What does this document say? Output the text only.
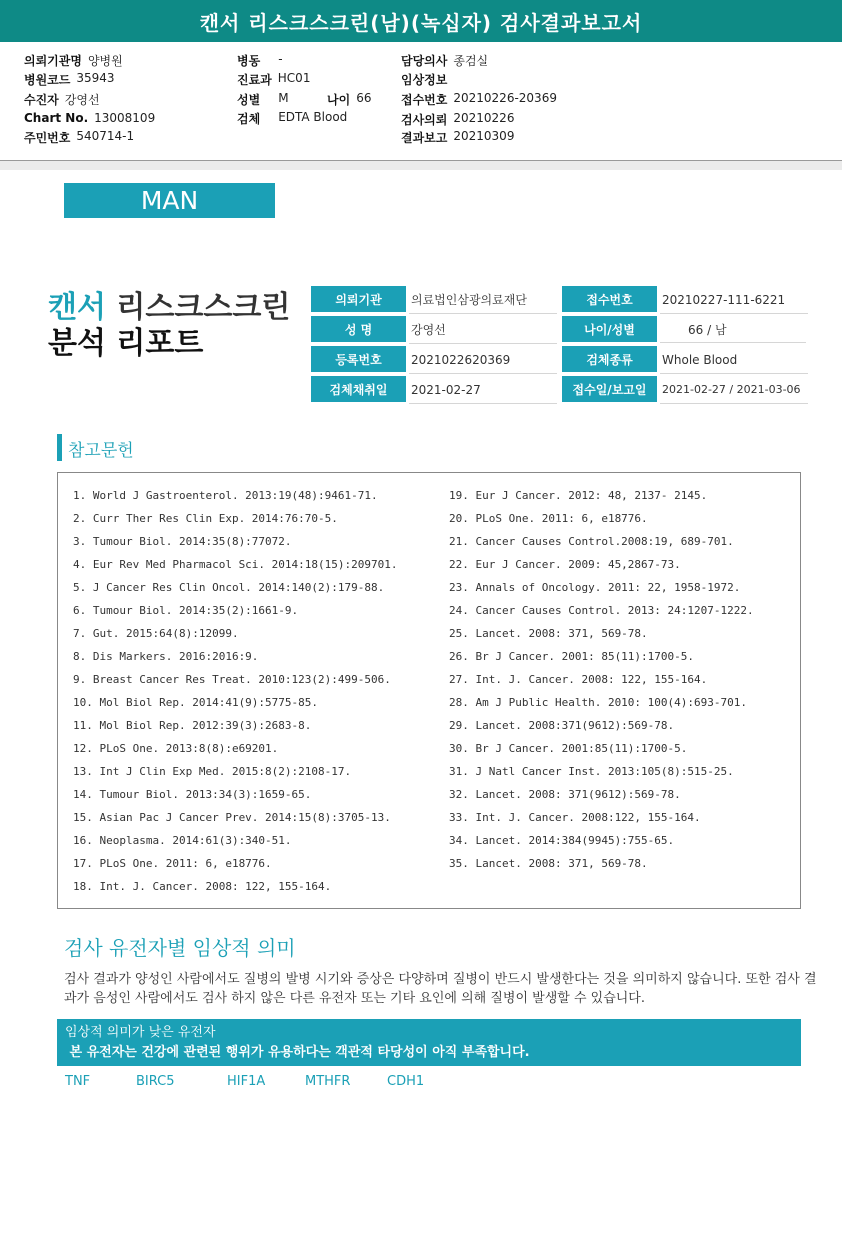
캔서 리스크스크린(남)(녹십자) 검사결과보고서
의뢰기관명 양병원
병원코드 35943
수진자 강영선
Chart No. 13008109
주민번호 540714-1
병동 -
진료과 HC01
성별 M	나이 66
검체 EDTA Blood
담당의사 종검실
임상정보
접수번호 20210226-20369
검사의뢰 20210226
결과보고 20210309
MAN
캔서 리스크스크린
분석 리포트
의뢰기관	의료법인삼광의료재단	접수번호	20210227-111-6221
성 명	강영선	나이/성별	66 / 남
등록번호	2021022620369	검체종류	Whole Blood
검체채취일	2021-02-27	접수일/보고일	2021-02-27 / 2021-03-06
참고문헌
1. World J Gastroenterol. 2013:19(48):9461-71.
2. Curr Ther Res Clin Exp. 2014:76:70-5.
3. Tumour Biol. 2014:35(8):77072.
4. Eur Rev Med Pharmacol Sci. 2014:18(15):209701.
5. J Cancer Res Clin Oncol. 2014:140(2):179-88.
6. Tumour Biol. 2014:35(2):1661-9.
7. Gut. 2015:64(8):12099.
8. Dis Markers. 2016:2016:9.
9. Breast Cancer Res Treat. 2010:123(2):499-506.
10. Mol Biol Rep. 2014:41(9):5775-85.
11. Mol Biol Rep. 2012:39(3):2683-8.
12. PLoS One. 2013:8(8):e69201.
13. Int J Clin Exp Med. 2015:8(2):2108-17.
14. Tumour Biol. 2013:34(3):1659-65.
15. Asian Pac J Cancer Prev. 2014:15(8):3705-13.
16. Neoplasma. 2014:61(3):340-51.
17. PLoS One. 2011: 6, e18776.
18. Int. J. Cancer. 2008: 122, 155-164.
19. Eur J Cancer. 2012: 48, 2137- 2145.
20. PLoS One. 2011: 6, e18776.
21. Cancer Causes Control.2008:19, 689-701.
22. Eur J Cancer. 2009: 45,2867-73.
23. Annals of Oncology. 2011: 22, 1958-1972.
24. Cancer Causes Control. 2013: 24:1207-1222.
25. Lancet. 2008: 371, 569-78.
26. Br J Cancer. 2001: 85(11):1700-5.
27. Int. J. Cancer. 2008: 122, 155-164.
28. Am J Public Health. 2010: 100(4):693-701.
29. Lancet. 2008:371(9612):569-78.
30. Br J Cancer. 2001:85(11):1700-5.
31. J Natl Cancer Inst. 2013:105(8):515-25.
32. Lancet. 2008: 371(9612):569-78.
33. Int. J. Cancer. 2008:122, 155-164.
34. Lancet. 2014:384(9945):755-65.
35. Lancet. 2008: 371, 569-78.
검사 유전자별 임상적 의미
검사 결과가 양성인 사람에서도 질병의 발병 시기와 증상은 다양하며 질병이 반드시 발생한다는 것을 의미하지 않습니다. 또한 검사 결과가 음성인 사람에서도 검사 하지 않은 다른 유전자 또는 기타 요인에 의해 질병이 발생할 수 있습니다.
임상적 의미가 낮은 유전자
본 유전자는 건강에 관련된 행위가 유용하다는 객관적 타당성이 아직 부족합니다.
TNF	BIRC5	HIF1A	MTHFR	CDH1
